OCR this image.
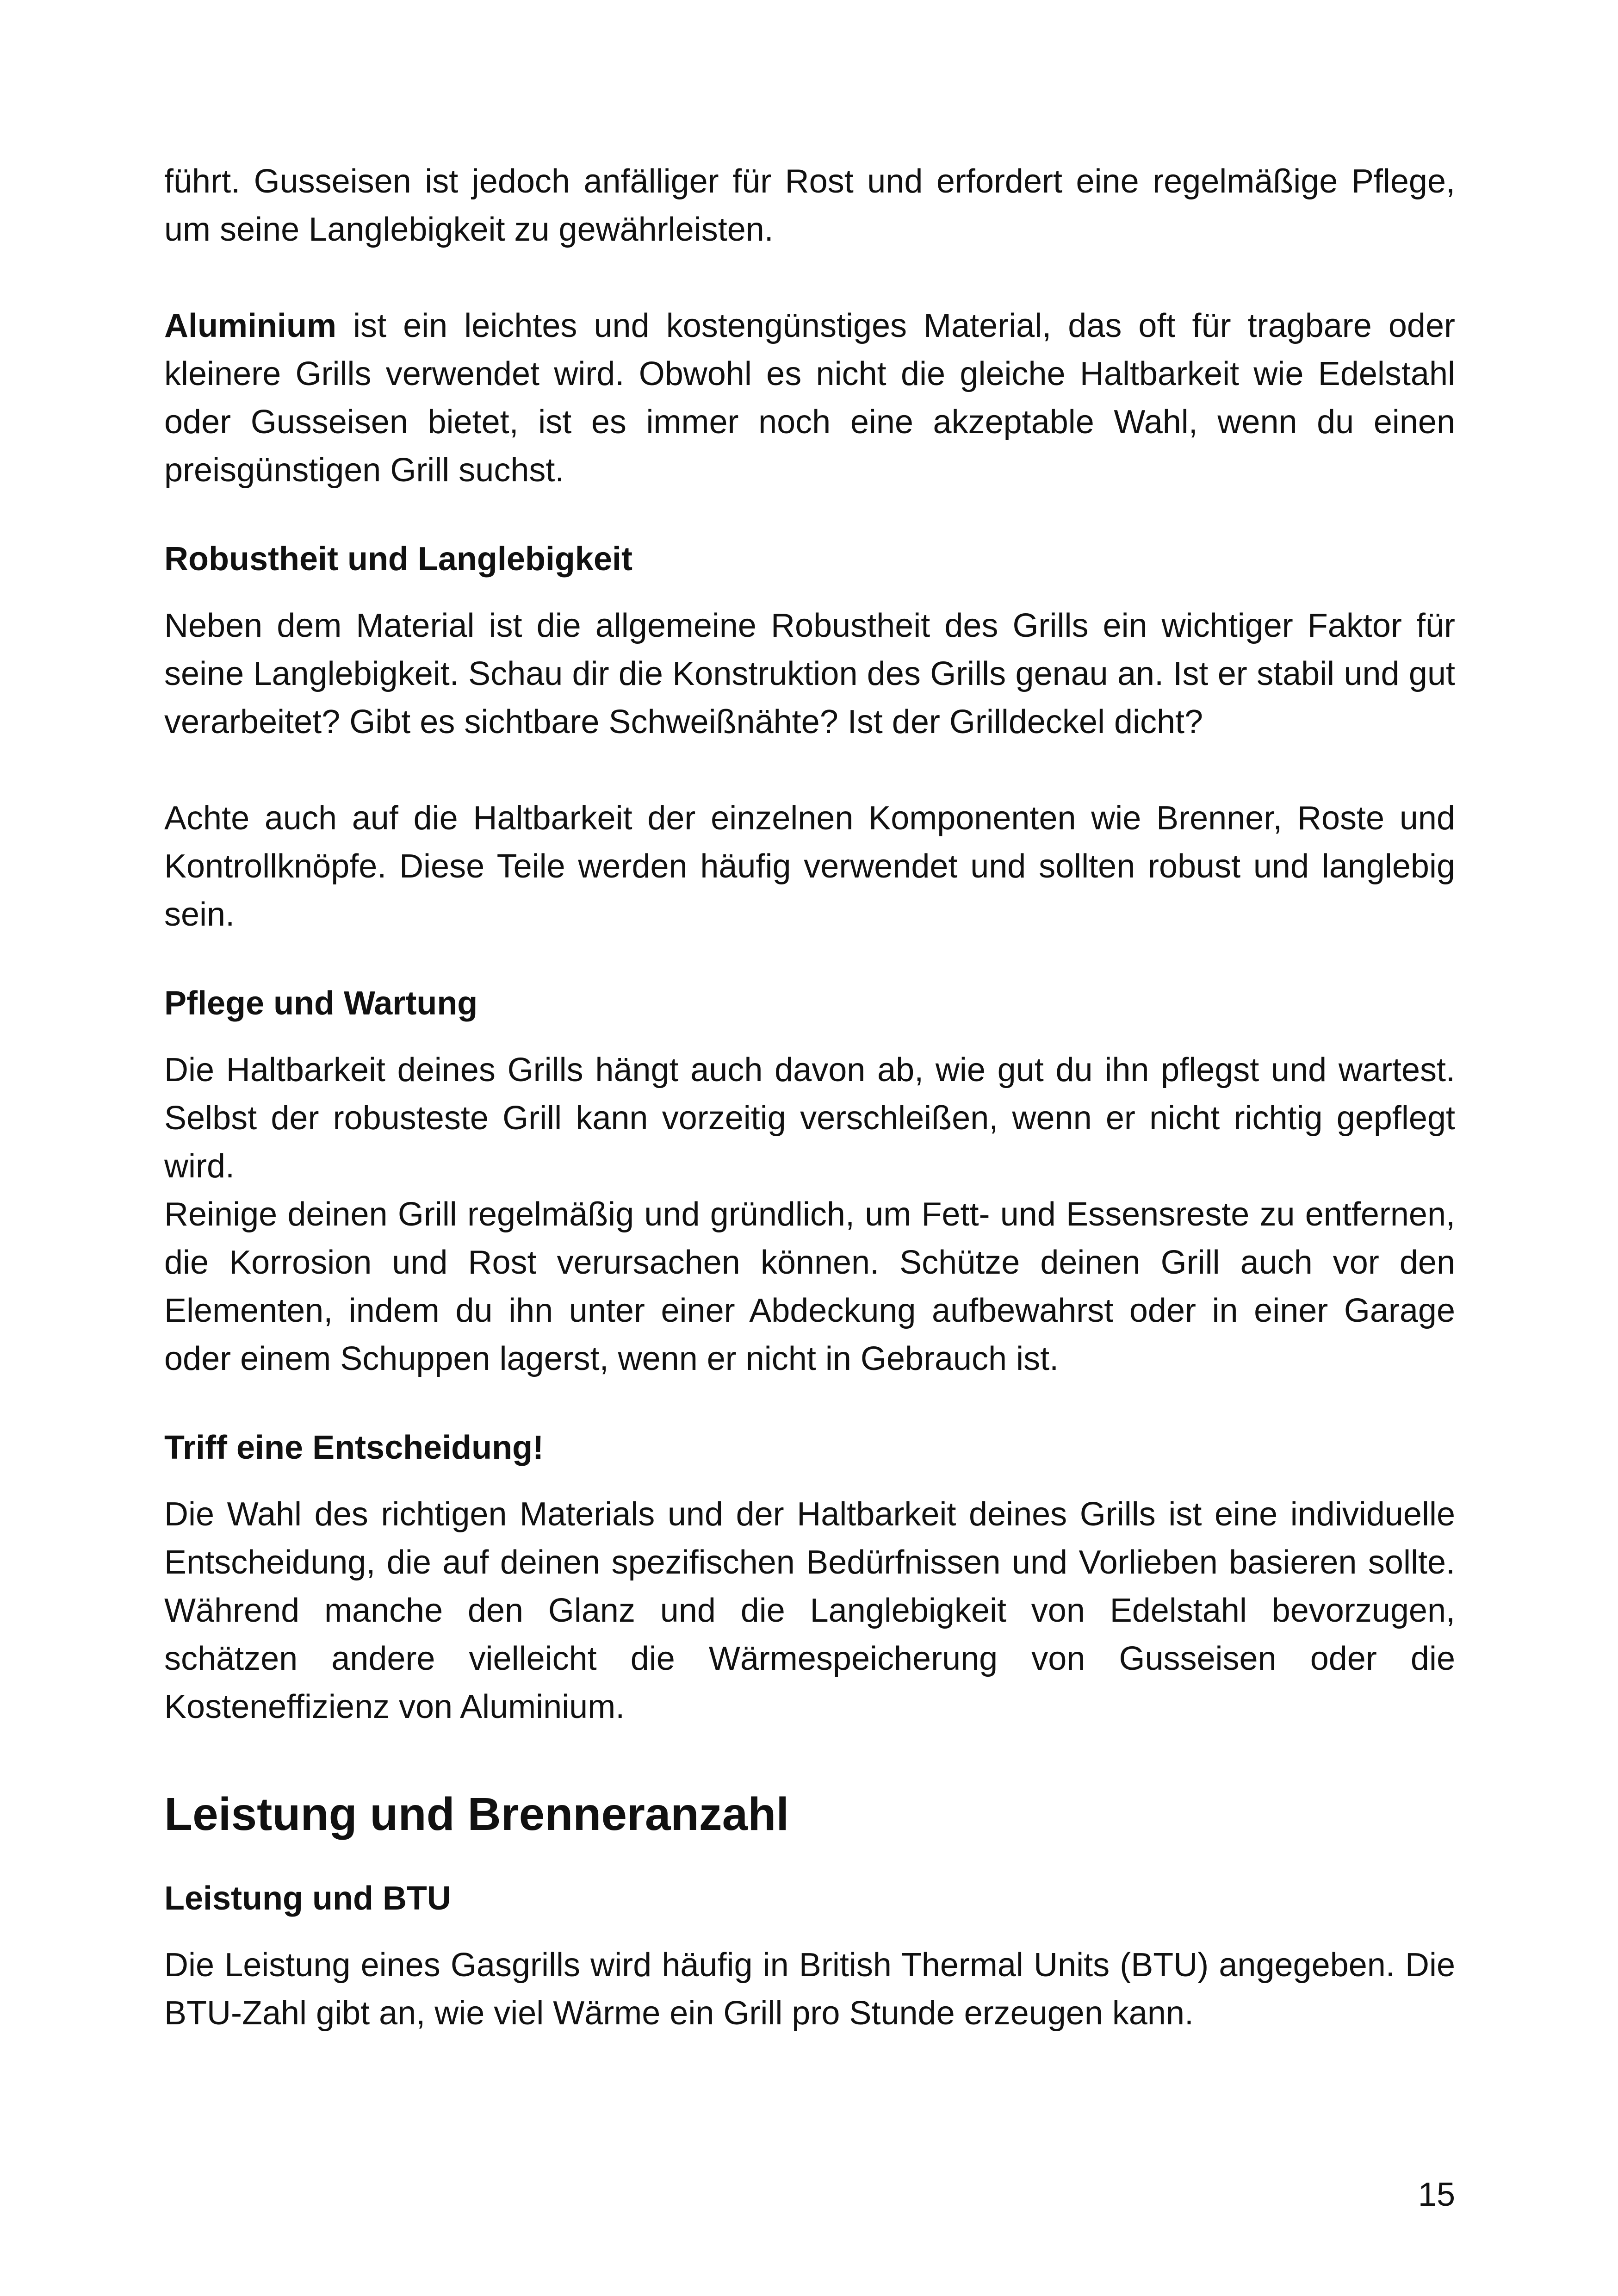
führt. Gusseisen ist jedoch anfälliger für Rost und erfordert eine regelmäßige Pflege, um seine Langlebigkeit zu gewährleisten.

Aluminium ist ein leichtes und kostengünstiges Material, das oft für tragbare oder kleinere Grills verwendet wird. Obwohl es nicht die gleiche Haltbarkeit wie Edelstahl oder Gusseisen bietet, ist es immer noch eine akzeptable Wahl, wenn du einen preisgünstigen Grill suchst.

Robustheit und Langlebigkeit

Neben dem Material ist die allgemeine Robustheit des Grills ein wichtiger Faktor für seine Langlebigkeit. Schau dir die Konstruktion des Grills genau an. Ist er stabil und gut verarbeitet? Gibt es sichtbare Schweißnähte? Ist der Grilldeckel dicht?

Achte auch auf die Haltbarkeit der einzelnen Komponenten wie Brenner, Roste und Kontrollknöpfe. Diese Teile werden häufig verwendet und sollten robust und langlebig sein.

Pflege und Wartung

Die Haltbarkeit deines Grills hängt auch davon ab, wie gut du ihn pflegst und wartest. Selbst der robusteste Grill kann vorzeitig verschleißen, wenn er nicht richtig gepflegt wird.

Reinige deinen Grill regelmäßig und gründlich, um Fett- und Essensreste zu entfernen, die Korrosion und Rost verursachen können. Schütze deinen Grill auch vor den Elementen, indem du ihn unter einer Abdeckung aufbewahrst oder in einer Garage oder einem Schuppen lagerst, wenn er nicht in Gebrauch ist.

Triff eine Entscheidung!

Die Wahl des richtigen Materials und der Haltbarkeit deines Grills ist eine individuelle Entscheidung, die auf deinen spezifischen Bedürfnissen und Vorlieben basieren sollte. Während manche den Glanz und die Langlebigkeit von Edelstahl bevorzugen, schätzen andere vielleicht die Wärmespeicherung von Gusseisen oder die Kosteneffizienz von Aluminium.

Leistung und Brenneranzahl
Leistung und BTU

Die Leistung eines Gasgrills wird häufig in British Thermal Units (BTU) angegeben. Die BTU-Zahl gibt an, wie viel Wärme ein Grill pro Stunde erzeugen kann.

15
